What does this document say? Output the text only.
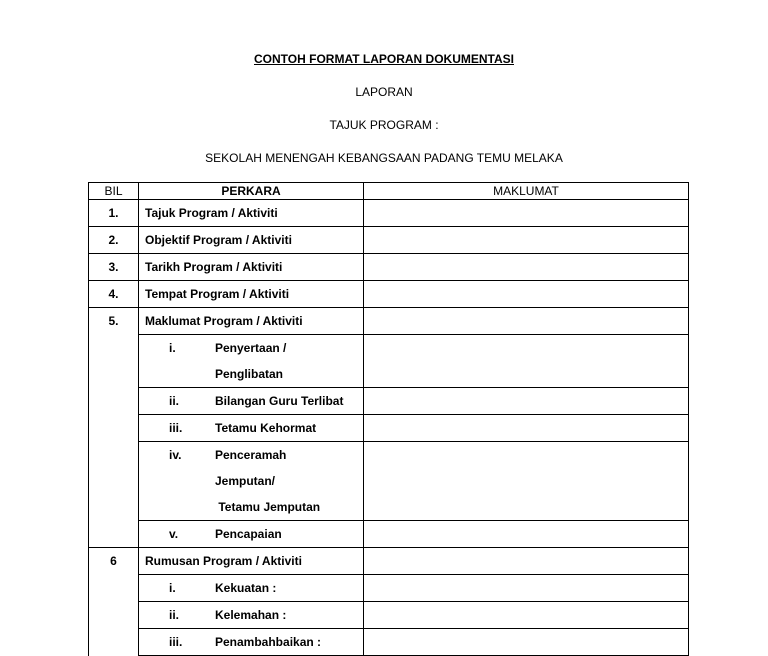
CONTOH FORMAT LAPORAN DOKUMENTASI
LAPORAN
TAJUK PROGRAM :
SEKOLAH MENENGAH KEBANGSAAN PADANG TEMU MELAKA
BIL	PERKARA	MAKLUMAT
1.	Tajuk Program / Aktiviti	
2.	Objektif Program / Aktiviti	
3.	Tarikh Program / Aktiviti	
4.	Tempat Program / Aktiviti	
5.	Maklumat Program / Aktiviti	

	i. Penyertaan /
Penglibatan	

	ii. Bilangan Guru Terlibat	

	iii. Tetamu Kehormat	

	iv. Penceramah
Jemputan/
Tetamu Jemputan	

	v. Pencapaian	

6	Rumusan Program / Aktiviti	

	i. Kekuatan :	

	ii. Kelemahan :	

	iii. Penambahbaikan :	
